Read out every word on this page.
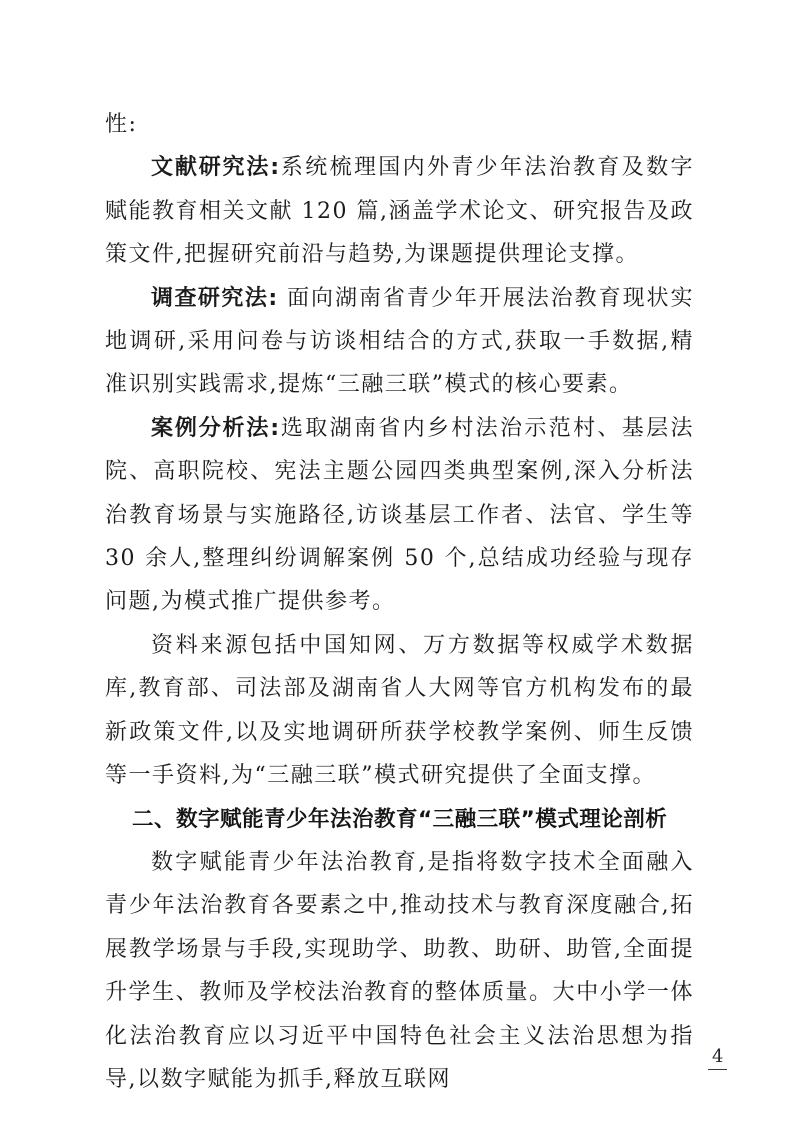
性:

文献研究法:系统梳理国内外青少年法治教育及数字赋能教育相关文献 120 篇,涵盖学术论文、研究报告及政策文件,把握研究前沿与趋势,为课题提供理论支撑。

调查研究法: 面向湖南省青少年开展法治教育现状实地调研,采用问卷与访谈相结合的方式,获取一手数据,精准识别实践需求,提炼“三融三联”模式的核心要素。

案例分析法:选取湖南省内乡村法治示范村、基层法院、高职院校、宪法主题公园四类典型案例,深入分析法治教育场景与实施路径,访谈基层工作者、法官、学生等 30 余人,整理纠纷调解案例 50 个,总结成功经验与现存问题,为模式推广提供参考。

资料来源包括中国知网、万方数据等权威学术数据库,教育部、司法部及湖南省人大网等官方机构发布的最新政策文件,以及实地调研所获学校教学案例、师生反馈等一手资料,为“三融三联”模式研究提供了全面支撑。

二、数字赋能青少年法治教育“三融三联”模式理论剖析

数字赋能青少年法治教育,是指将数字技术全面融入青少年法治教育各要素之中,推动技术与教育深度融合,拓展教学场景与手段,实现助学、助教、助研、助管,全面提升学生、教师及学校法治教育的整体质量。大中小学一体化法治教育应以习近平中国特色社会主义法治思想为指导,以数字赋能为抓手,释放互联网

4
